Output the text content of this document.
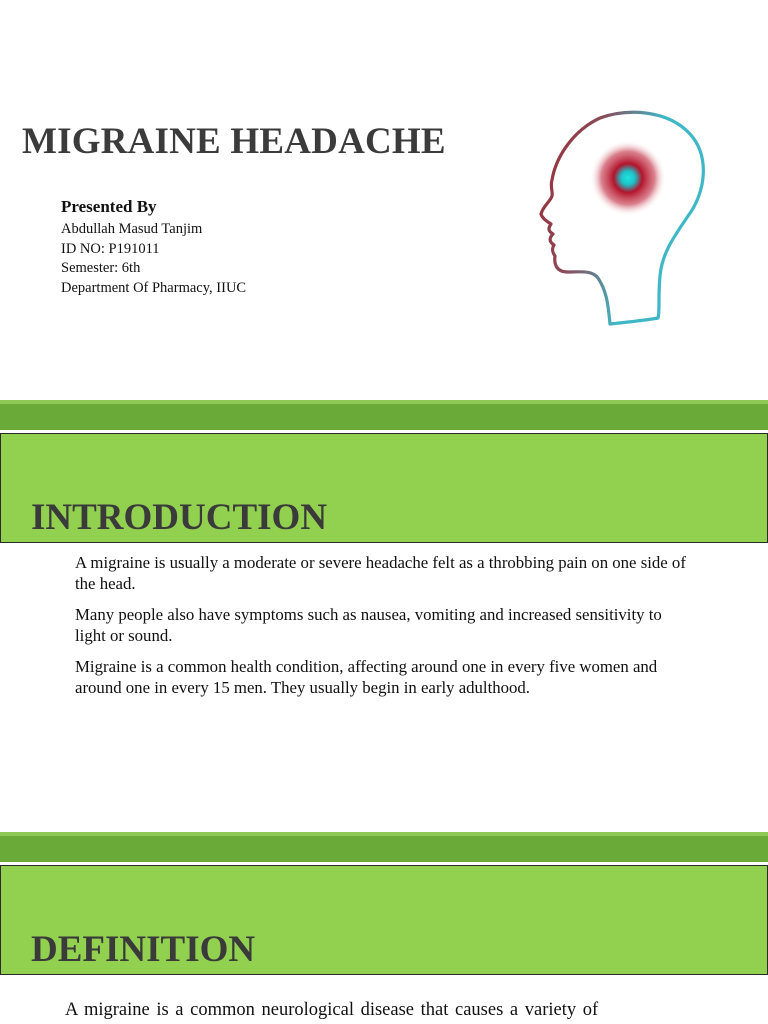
MIGRAINE HEADACHE

Presented By

Abdullah Masud Tanjim

ID NO: P191011

Semester: 6th

Department Of Pharmacy, IIUC

INTRODUCTION

A migraine is usually a moderate or severe headache felt as a throbbing pain on one side of the head.

Many people also have symptoms such as nausea, vomiting and increased sensitivity to light or sound.

Migraine is a common health condition, affecting around one in every five women and around one in every 15 men. They usually begin in early adulthood.

DEFINITION

A migraine is a common neurological disease that causes a variety of
